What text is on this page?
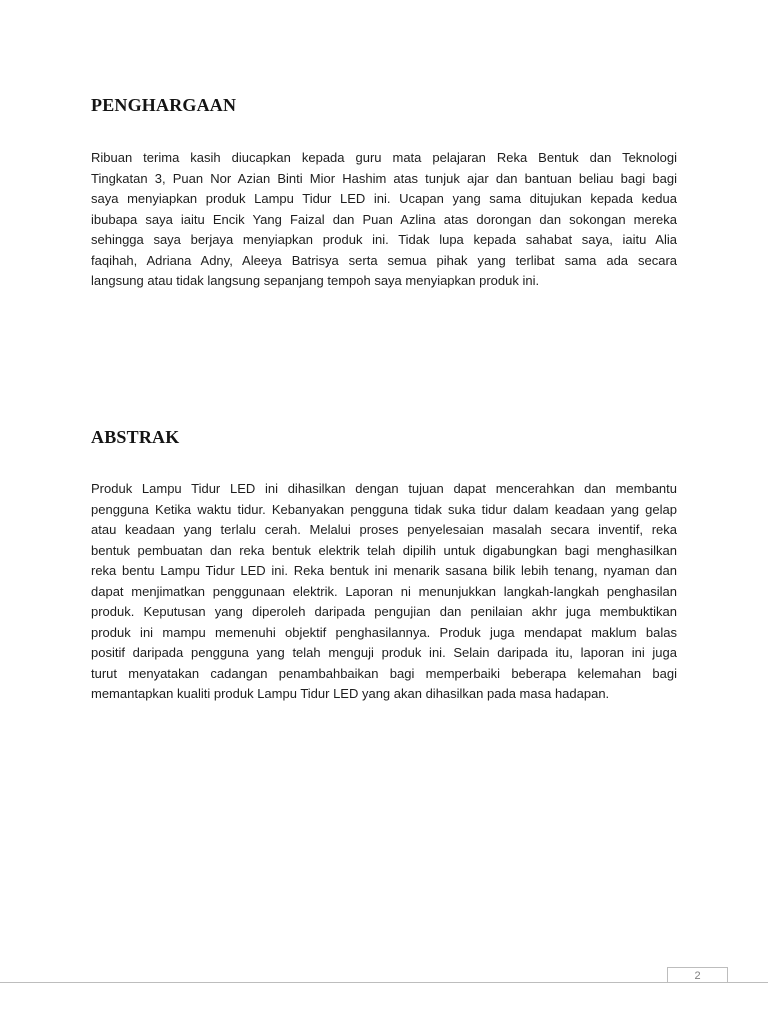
PENGHARGAAN
Ribuan terima kasih diucapkan kepada guru mata pelajaran Reka Bentuk dan Teknologi
Tingkatan 3, Puan Nor Azian Binti Mior Hashim atas tunjuk ajar dan bantuan beliau bagi bagi
saya menyiapkan produk Lampu Tidur LED ini. Ucapan yang sama ditujukan kepada kedua
ibubapa saya iaitu Encik Yang Faizal dan Puan Azlina atas dorongan dan sokongan mereka
sehingga saya berjaya menyiapkan produk ini. Tidak lupa kepada sahabat saya, iaitu Alia
faqihah, Adriana Adny, Aleeya Batrisya serta semua pihak yang terlibat sama ada secara
langsung atau tidak langsung sepanjang tempoh saya menyiapkan produk ini.
ABSTRAK
Produk Lampu Tidur LED ini dihasilkan dengan tujuan dapat mencerahkan dan membantu
pengguna Ketika waktu tidur. Kebanyakan pengguna tidak suka tidur dalam keadaan yang gelap
atau keadaan yang terlalu cerah. Melalui proses penyelesaian masalah secara inventif, reka
bentuk pembuatan dan reka bentuk elektrik telah dipilih untuk digabungkan bagi menghasilkan
reka bentu Lampu Tidur LED ini. Reka bentuk ini menarik sasana bilik lebih tenang, nyaman dan
dapat menjimatkan penggunaan elektrik. Laporan ni menunjukkan langkah-langkah penghasilan
produk. Keputusan yang diperoleh daripada pengujian dan penilaian akhr juga membuktikan
produk ini mampu memenuhi objektif penghasilannya. Produk juga mendapat maklum balas
positif daripada pengguna yang telah menguji produk ini. Selain daripada itu, laporan ini juga
turut menyatakan cadangan penambahbaikan bagi memperbaiki beberapa kelemahan bagi
memantapkan kualiti produk Lampu Tidur LED yang akan dihasilkan pada masa hadapan.
2
